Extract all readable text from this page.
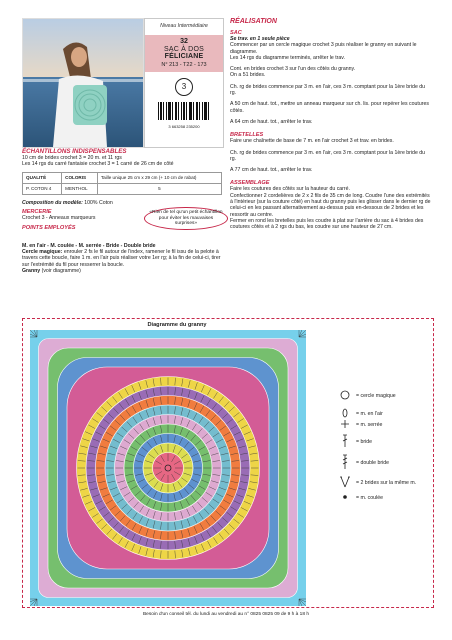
Niveau Intermédiaire
32
SAC À DOS FÉLICIANE
N° 213 - T22 - 173
3
3 663258 235200
ÉCHANTILLONS INDISPENSABLES
10 cm de brides crochet 3 = 20 m. et 11 rgs
Les 14 rgs du carré fantaisie crochet 3 = 1 carré de 26 cm de côté
QUALITÉ	COLORIS	Taille unique 25 cm x 29 cm (+ 10 cm de rabat)
P. COTON 4	MENTHOL	5
Composition du modèle: 100% Coton
MERCERIE
Crochet 3 - Anneaux marqueurs
POINTS EMPLOYÉS
«Rien de tel qu'un petit échantillon pour éviter les mauvaises surprises»
M. en l'air - M. coulée - M. serrée - Bride - Double bride
Cercle magique: enrouler 2 fs le fil autour de l'index, ramener le fil issu de la pelote à travers cette boucle, faire 1 m. en l'air puis réaliser votre 1er rg; à la fin de celui-ci, tirer sur l'extrémité du fil pour resserrer la boucle.
Granny (voir diagramme)
RÉALISATION
SAC
Se trav. en 1 seule pièce
Commencer par un cercle magique crochet 3 puis réaliser le granny en suivant le diagramme.
Les 14 rgs du diagramme terminés, arrêter le trav.
Cont. en brides crochet 3 sur l'un des côtés du granny.
On a 51 brides.
Ch. rg de brides commence par 3 m. en l'air, ces 3 m. comptant pour la 1ère bride du rg.
A 50 cm de haut. tot., mettre un anneau marqueur sur ch. lis. pour repérer les coutures côtés.
A 64 cm de haut. tot., arrêter le trav.
BRETELLES
Faire une chaînette de base de 7 m. en l'air crochet 3 et trav. en brides.
Ch. rg de brides commence par 3 m. en l'air, ces 3 m. comptant pour la 1ère bride du rg.
A 77 cm de haut. tot., arrêter le trav.
ASSEMBLAGE
Faire les coutures des côtés sur la hauteur du carré.
Confectionner 2 cordelières de 2 x 2 fils de 35 cm de long. Coudre l'une des extrémités à l'intérieur (sur la couture côté) en haut du granny puis les glisser dans le dernier rg de celui-ci en les passant alternativement au-dessus puis en-dessous de 2 brides et les ressortir au centre.
Fermer en rond les bretelles puis les coudre à plat sur l'arrière du sac à 4 brides des coutures côtés et à 2 rgs du bas, les coudre sur une hauteur de 27 cm.
Diagramme du granny
= cercle magique
= m. en l'air
= m. serrée
= bride
= double bride
= 2 brides sur la même m.
= m. coulée
Besoin d'un conseil tél. du lundi au vendredi au n° 0825 0825 09 de 9 h à 18 h
